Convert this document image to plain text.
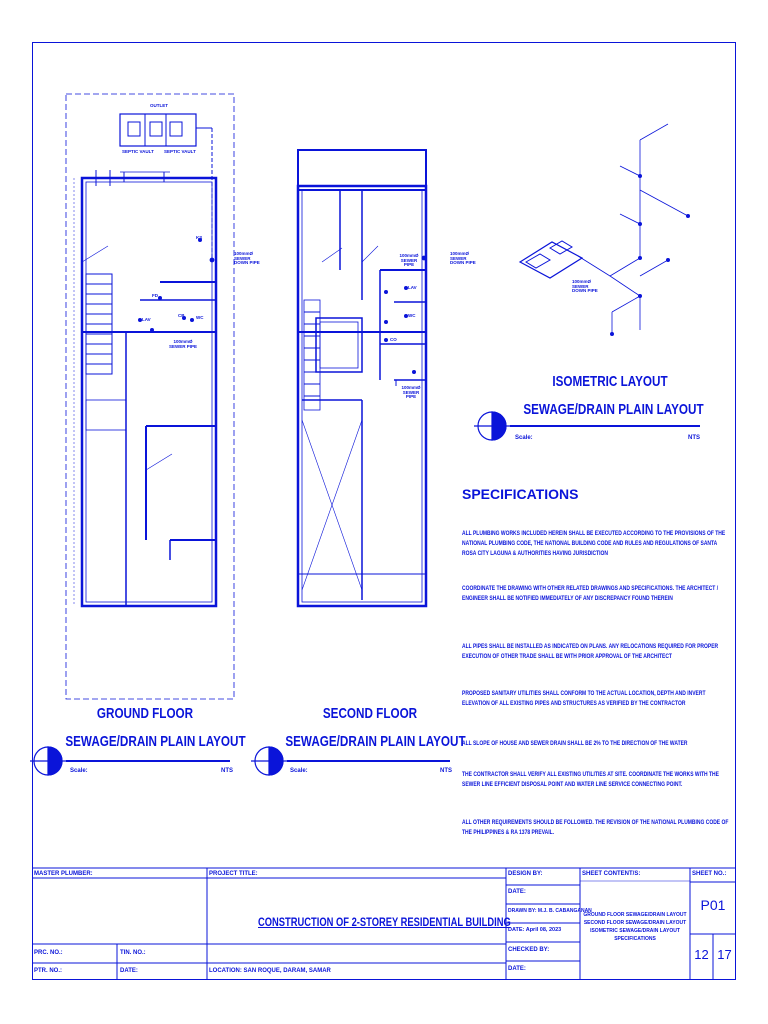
OUTLET
SEPTIC VAULT SEPTIC VAULT
100mmØ SEWER DOWN PIPE
100mmØ SEWER PIPE
100mmØ SEWER DOWN PIPE
100mmØ SEWER PIPE
100mmØ SEWER PIPE
100mmØ SEWER DOWN PIPE
KS
FD
WC
LAV
CB
LAV
WC
CO
GROUND FLOOR
SEWAGE/DRAIN PLAIN LAYOUT
Scale:	NTS
SECOND FLOOR
SEWAGE/DRAIN PLAIN LAYOUT
Scale:	NTS
ISOMETRIC LAYOUT
SEWAGE/DRAIN PLAIN LAYOUT
Scale:	NTS
SPECIFICATIONS
ALL PLUMBING WORKS INCLUDED HEREIN SHALL BE EXECUTED ACCORDING TO THE PROVISIONS OF THE NATIONAL PLUMBING CODE, THE NATIONAL BUILDING CODE AND RULES AND REGULATIONS OF SANTA ROSA CITY LAGUNA & AUTHORITIES HAVING JURISDICTION
COORDINATE THE DRAWING WITH OTHER RELATED DRAWINGS AND SPECIFICATIONS. THE ARCHITECT / ENGINEER SHALL BE NOTIFIED IMMEDIATELY OF ANY DISCREPANCY FOUND THEREIN
ALL PIPES SHALL BE INSTALLED AS INDICATED ON PLANS. ANY RELOCATIONS REQUIRED FOR PROPER EXECUTION OF OTHER TRADE SHALL BE WITH PRIOR APPROVAL OF THE ARCHITECT
PROPOSED SANITARY UTILITIES SHALL CONFORM TO THE ACTUAL LOCATION, DEPTH AND INVERT ELEVATION OF ALL EXISTING PIPES AND STRUCTURES AS VERIFIED BY THE CONTRACTOR
ALL SLOPE OF HOUSE AND SEWER DRAIN SHALL BE 2% TO THE DIRECTION OF THE WATER
THE CONTRACTOR SHALL VERIFY ALL EXISTING UTILITIES AT SITE. COORDINATE THE WORKS WITH THE SEWER LINE EFFICIENT DISPOSAL POINT AND WATER LINE SERVICE CONNECTING POINT.
ALL OTHER REQUIREMENTS SHOULD BE FOLLOWED. THE REVISION OF THE NATIONAL PLUMBING CODE OF THE PHILIPPINES & RA 1378 PREVAIL.
MASTER PLUMBER:	PROJECT TITLE:
CONSTRUCTION OF 2-STOREY RESIDENTIAL BUILDING
PRC. NO.:	TIN. NO.:
PTR. NO.:	DATE:	LOCATION: SAN ROQUE, DARAM, SAMAR
DESIGN BY:
DATE:
DRAWN BY: M.J. B. CABANGANAN
DATE: April 08, 2023
CHECKED BY:
DATE:
SHEET CONTENT/S:
GROUND FLOOR SEWAGE/DRAIN LAYOUT
SECOND FLOOR SEWAGE/DRAIN LAYOUT
ISOMETRIC SEWAGE/DRAIN LAYOUT
SPECIFICATIONS
SHEET NO.:
P01
12 17
